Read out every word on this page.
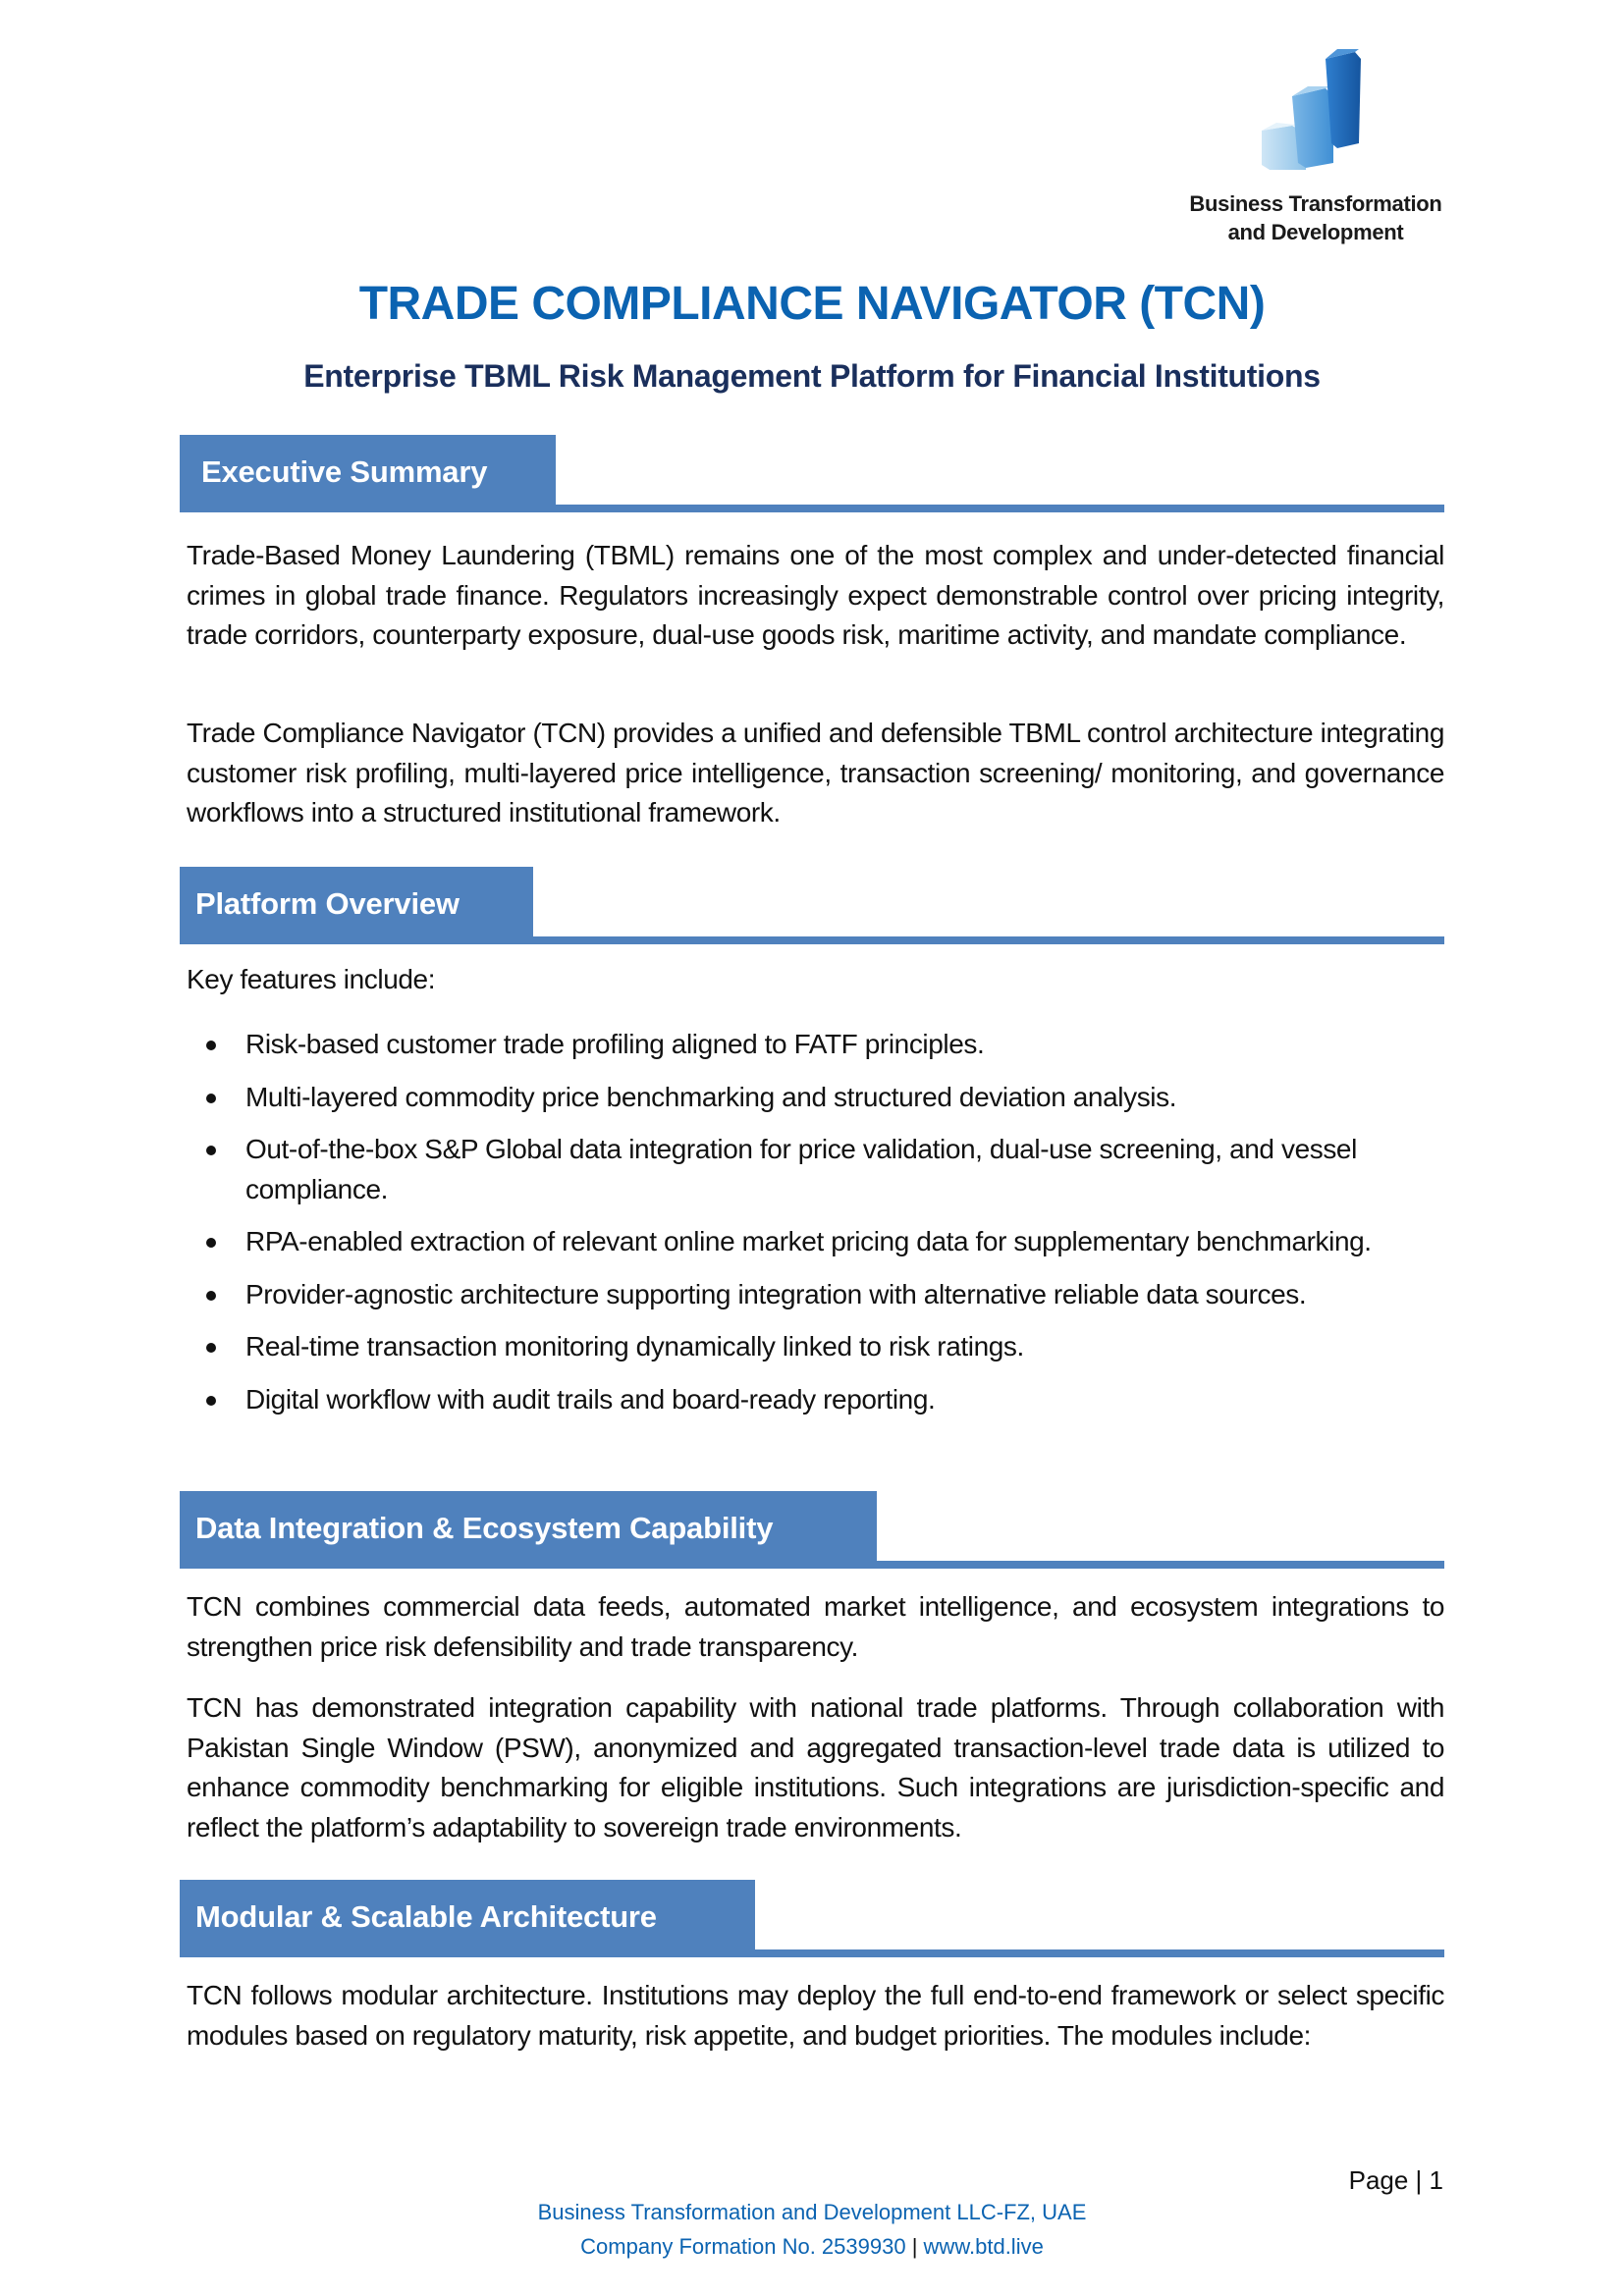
Business Transformation
and Development
TRADE COMPLIANCE NAVIGATOR (TCN)
Enterprise TBML Risk Management Platform for Financial Institutions
Executive Summary

Trade-Based Money Laundering (TBML) remains one of the most complex and under-detected financial crimes in global trade finance. Regulators increasingly expect demonstrable control over pricing integrity, trade corridors, counterparty exposure, dual-use goods risk, maritime activity, and mandate compliance.

Trade Compliance Navigator (TCN) provides a unified and defensible TBML control architecture integrating customer risk profiling, multi-layered price intelligence, transaction screening/ monitoring, and governance workflows into a structured institutional framework.

Platform Overview

Key features include:

Risk-based customer trade profiling aligned to FATF principles.
Multi-layered commodity price benchmarking and structured deviation analysis.
Out-of-the-box S&P Global data integration for price validation, dual-use screening, and vessel compliance.
RPA-enabled extraction of relevant online market pricing data for supplementary benchmarking.
Provider-agnostic architecture supporting integration with alternative reliable data sources.
Real-time transaction monitoring dynamically linked to risk ratings.
Digital workflow with audit trails and board-ready reporting.
Data Integration & Ecosystem Capability

TCN combines commercial data feeds, automated market intelligence, and ecosystem integrations to strengthen price risk defensibility and trade transparency.

TCN has demonstrated integration capability with national trade platforms. Through collaboration with Pakistan Single Window (PSW), anonymized and aggregated transaction-level trade data is utilized to enhance commodity benchmarking for eligible institutions. Such integrations are jurisdiction-specific and reflect the platform’s adaptability to sovereign trade environments.

Modular & Scalable Architecture

TCN follows modular architecture. Institutions may deploy the full end-to-end framework or select specific modules based on regulatory maturity, risk appetite, and budget priorities. The modules include:

Page | 1
Business Transformation and Development LLC-FZ, UAE
Company Formation No. 2539930 | www.btd.live
